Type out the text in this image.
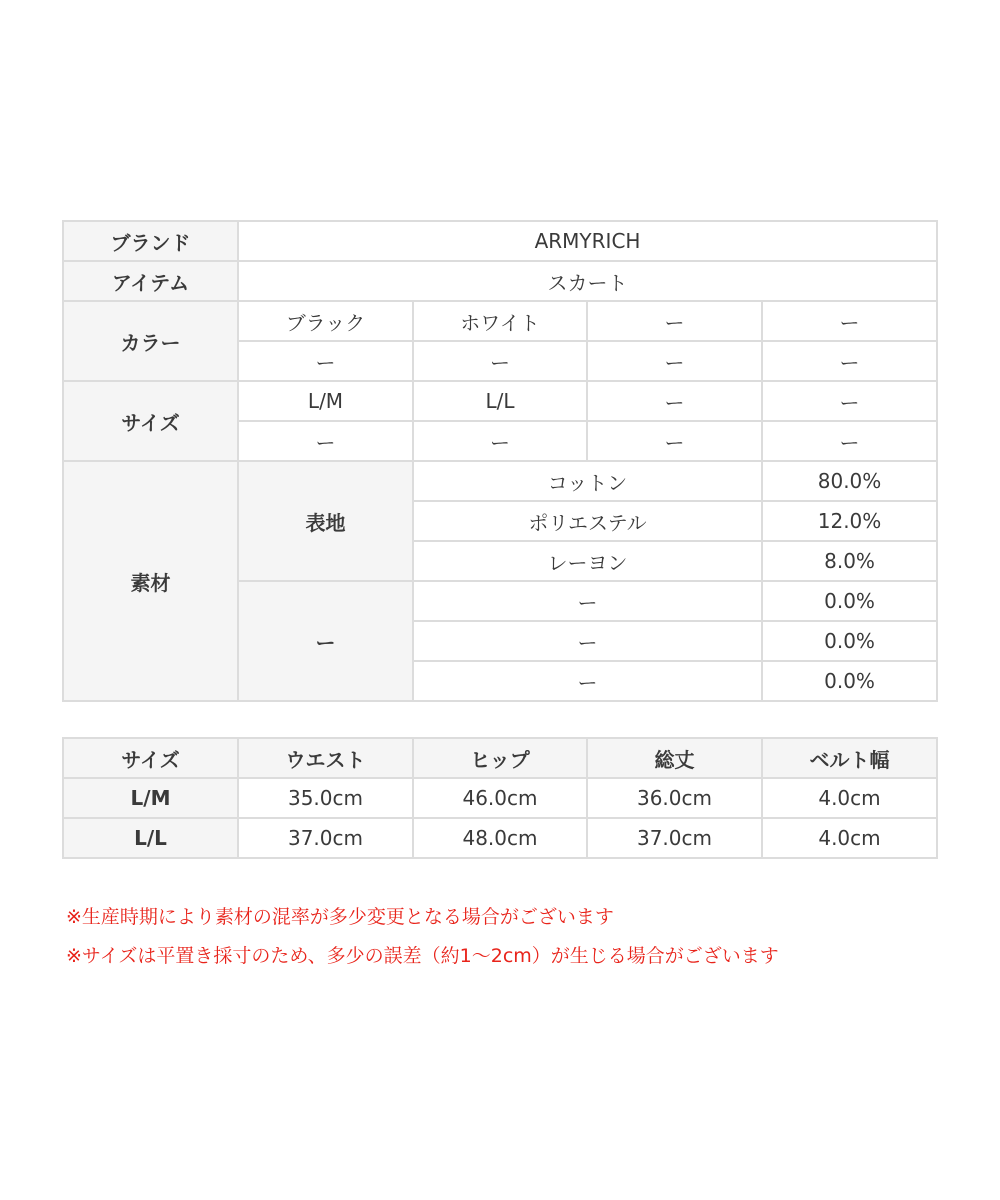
ブランド	ARMYRICH			
アイテム	スカート			
カラー	ブラック	ホワイト	ー	ー
	ー	ー	ー	ー
サイズ	L/M	L/L	ー	ー
	ー	ー	ー	ー
素材	表地	コットン		80.0%
		ポリエステル		12.0%
		レーヨン		8.0%
	ー	ー		0.0%
		ー		0.0%
		ー		0.0%
サイズ	ウエスト	ヒップ	総丈	ベルト幅
L/M	35.0cm	46.0cm	36.0cm	4.0cm
L/L	37.0cm	48.0cm	37.0cm	4.0cm

※生産時期により素材の混率が多少変更となる場合がございます

※サイズは平置き採寸のため、多少の誤差（約1〜2cm）が生じる場合がございます
